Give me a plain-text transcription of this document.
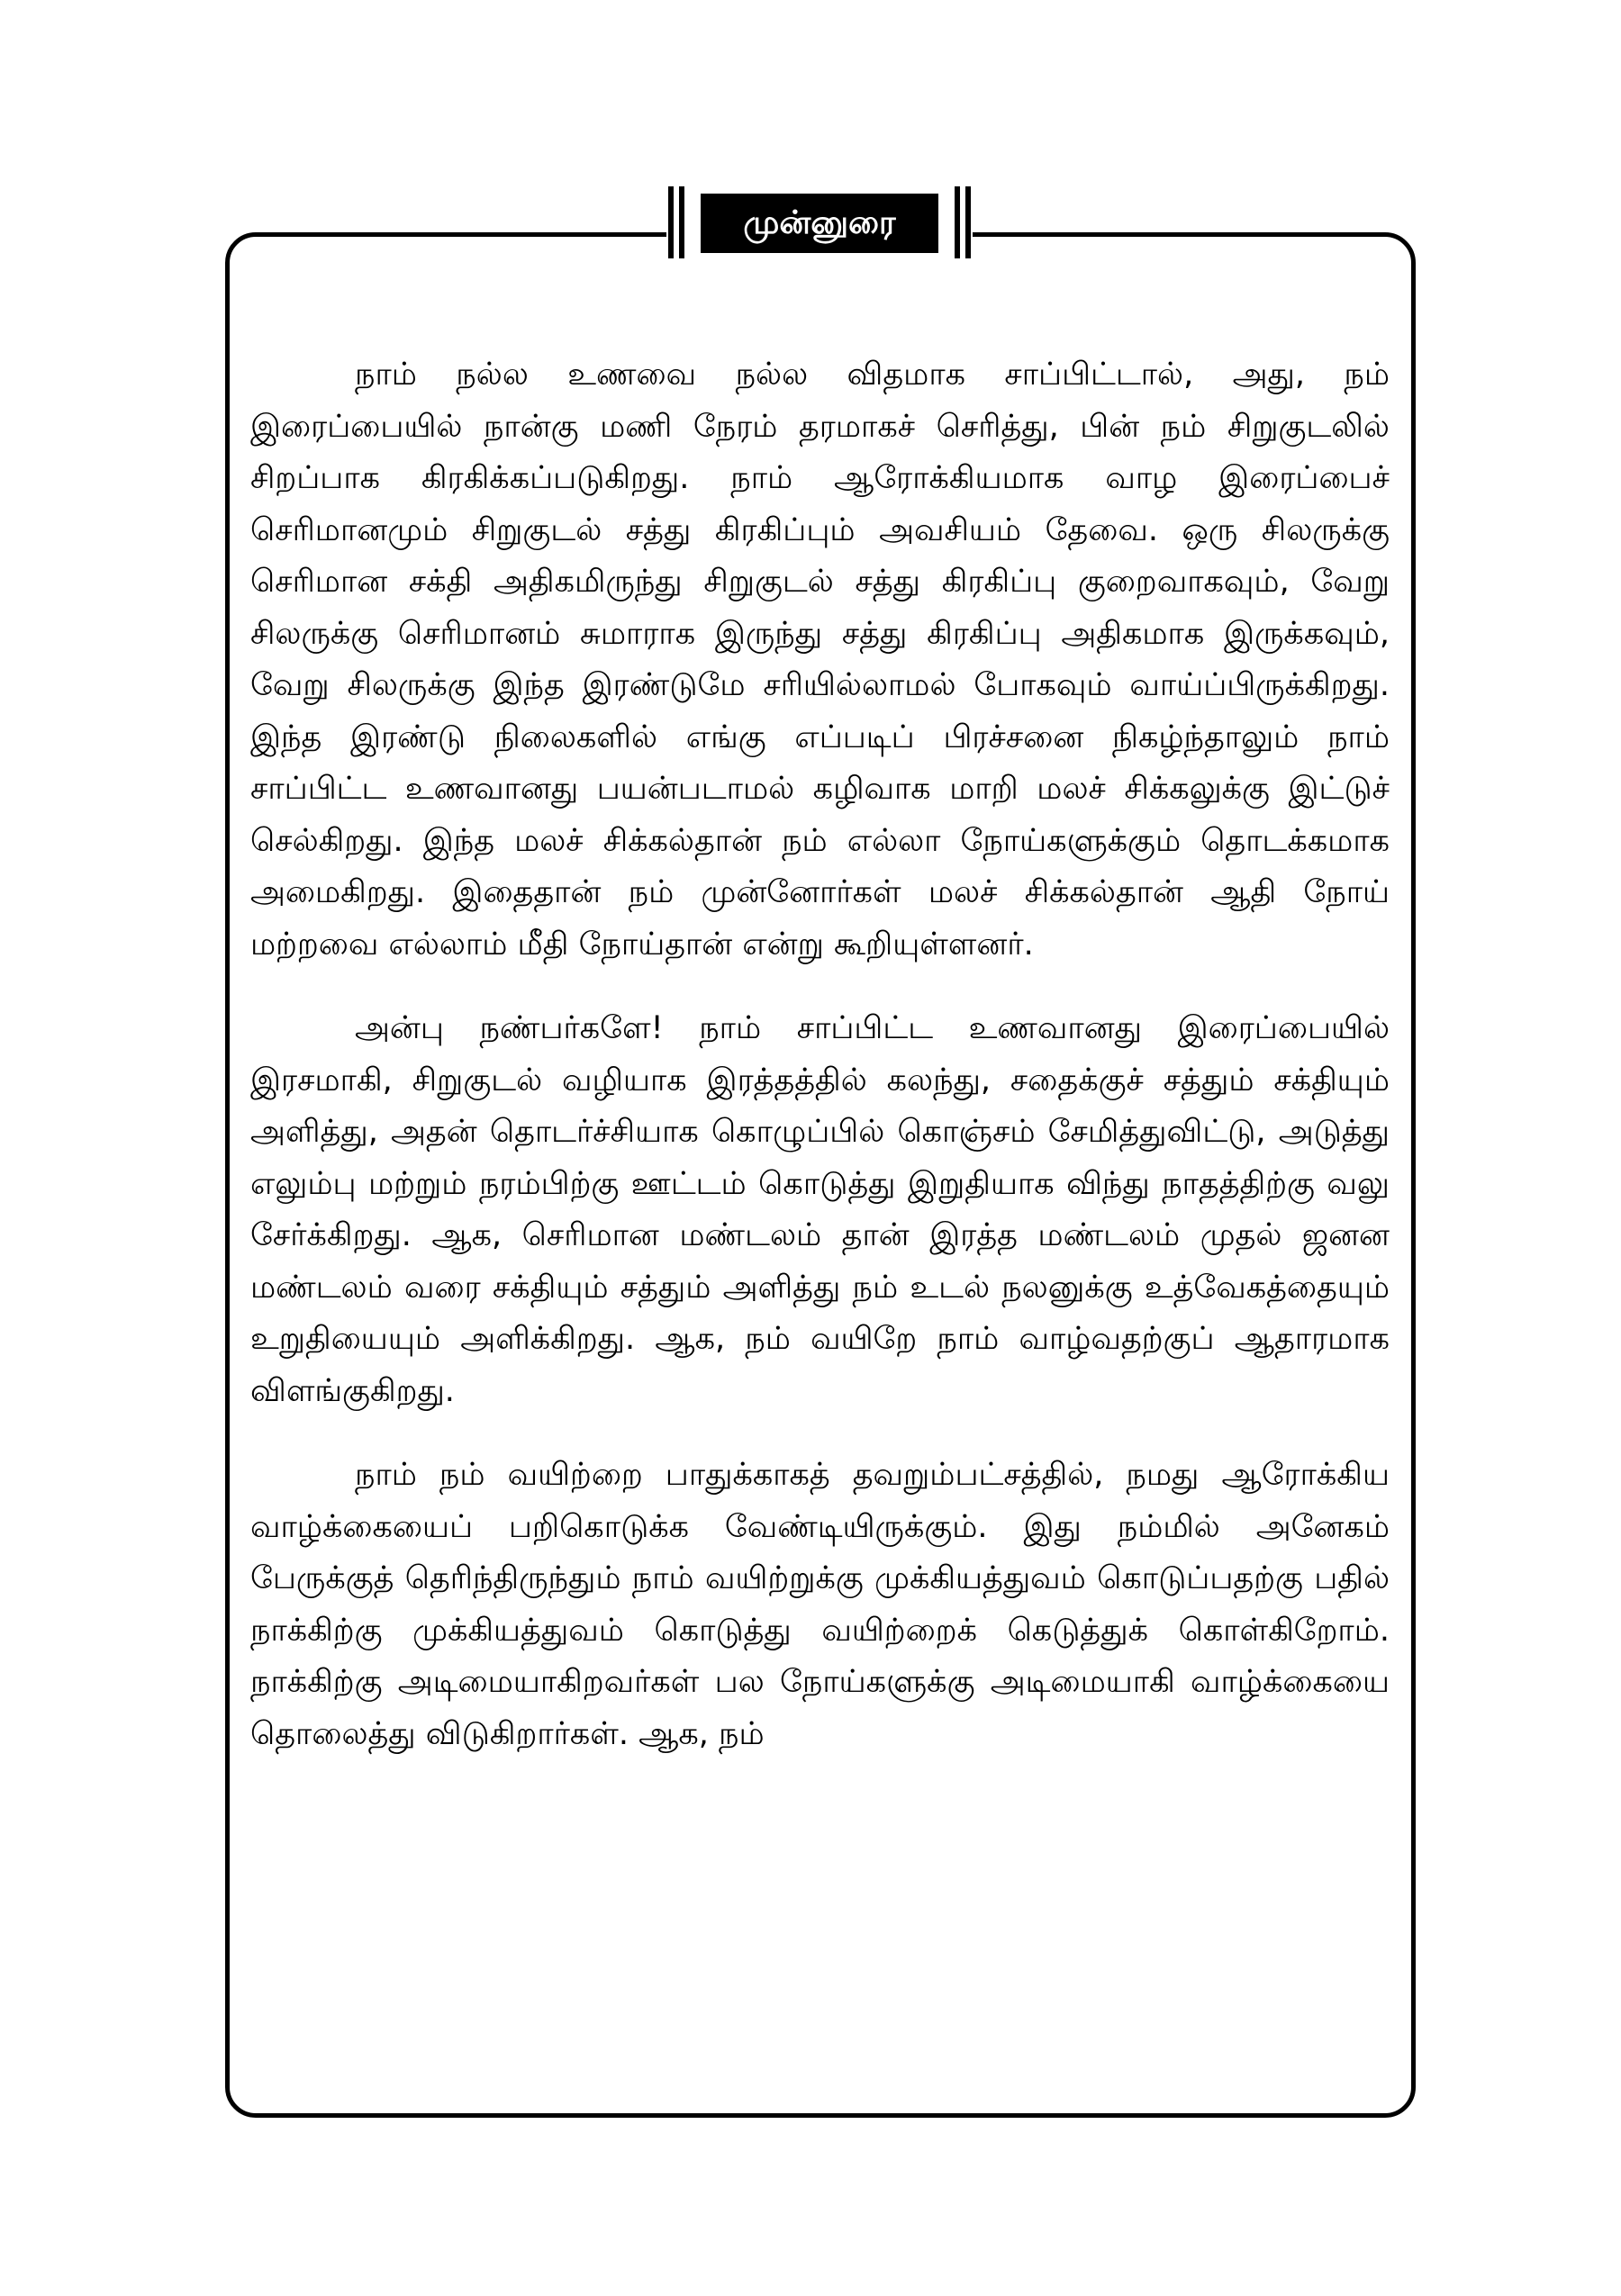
முன்னுரை

நாம் நல்ல உணவை நல்ல விதமாக சாப்பிட்டால், அது, நம் இரைப்பையில் நான்கு மணி நேரம் தரமாகச் செரித்து, பின் நம் சிறுகுடலில் சிறப்பாக கிரகிக்கப்படுகிறது. நாம் ஆரோக்கியமாக வாழ இரைப்பைச் செரிமானமும் சிறுகுடல் சத்து கிரகிப்பும் அவசியம் தேவை. ஒரு சிலருக்கு செரிமான சக்தி அதிகமிருந்து சிறுகுடல் சத்து கிரகிப்பு குறைவாகவும், வேறு சிலருக்கு செரிமானம் சுமாராக இருந்து சத்து கிரகிப்பு அதிகமாக இருக்கவும், வேறு சிலருக்கு இந்த இரண்டுமே சரியில்லாமல் போகவும் வாய்ப்பிருக்கிறது. இந்த இரண்டு நிலைகளில் எங்கு எப்படிப் பிரச்சனை நிகழ்ந்தாலும் நாம் சாப்பிட்ட உணவானது பயன்படாமல் கழிவாக மாறி மலச் சிக்கலுக்கு இட்டுச் செல்கிறது. இந்த மலச் சிக்கல்தான் நம் எல்லா நோய்களுக்கும் தொடக்கமாக அமைகிறது. இதைதான் நம் முன்னோர்கள் மலச் சிக்கல்தான் ஆதி நோய் மற்றவை எல்லாம் மீதி நோய்தான் என்று கூறியுள்ளனர்.

அன்பு நண்பர்களே! நாம் சாப்பிட்ட உணவானது இரைப்பையில் இரசமாகி, சிறுகுடல் வழியாக இரத்தத்தில் கலந்து, சதைக்குச் சத்தும் சக்தியும் அளித்து, அதன் தொடர்ச்சியாக கொழுப்பில் கொஞ்சம் சேமித்துவிட்டு, அடுத்து எலும்பு மற்றும் நரம்பிற்கு ஊட்டம் கொடுத்து இறுதியாக விந்து நாதத்திற்கு வலு சேர்க்கிறது. ஆக, செரிமான மண்டலம் தான் இரத்த மண்டலம் முதல் ஜனன மண்டலம் வரை சக்தியும் சத்தும் அளித்து நம் உடல் நலனுக்கு உத்வேகத்தையும் உறுதியையும் அளிக்கிறது. ஆக, நம் வயிறே நாம் வாழ்வதற்குப் ஆதாரமாக விளங்குகிறது.

நாம் நம் வயிற்றை பாதுக்காகத் தவறும்பட்சத்தில், நமது ஆரோக்கிய வாழ்க்கையைப் பறிகொடுக்க வேண்டியிருக்கும். இது நம்மில் அனேகம் பேருக்குத் தெரிந்திருந்தும் நாம் வயிற்றுக்கு முக்கியத்துவம் கொடுப்பதற்கு பதில் நாக்கிற்கு முக்கியத்துவம் கொடுத்து வயிற்றைக் கெடுத்துக் கொள்கிறோம். நாக்கிற்கு அடிமையாகிறவர்கள் பல நோய்களுக்கு அடிமையாகி வாழ்க்கையை தொலைத்து விடுகிறார்கள். ஆக, நம்
